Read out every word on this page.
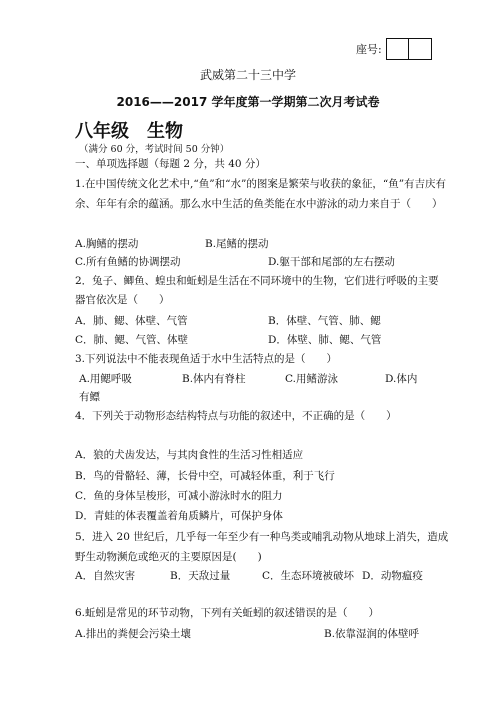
座号:
武威第二十三中学
2016——2017 学年度第一学期第二次月考试卷
八年级　生物
（满分 60 分，考试时间 50 分钟）
一、单项选择题（每题 2 分，共 40 分）
1.在中国传统文化艺术中,“鱼”和“水”的图案是繁荣与收获的象征，“鱼”有吉庆有
余、年年有余的蕴涵。那么水中生活的鱼类能在水中游泳的动力来自于（　　）
A.胸鳍的摆动	B.尾鳍的摆动
C.所有鱼鳍的协调摆动	D.躯干部和尾部的左右摆动
2．兔子、鲫鱼、蝗虫和蚯蚓是生活在不同环境中的生物，它们进行呼吸的主要
器官依次是（　　）
A．肺、鳃、体壁、气管	B．体壁、气管、肺、鳃
C．肺、鳃、气管、体壁	D．体壁、肺、鳃、气管
3.下列说法中不能表现鱼适于水中生活特点的是（　　）
A.用鳃呼吸	B.体内有脊柱	C.用鳍游泳	D.体内
有鳔
4．下列关于动物形态结构特点与功能的叙述中，不正确的是（　　）
A．狼的犬齿发达，与其肉食性的生活习性相适应
B．鸟的骨骼轻、薄，长骨中空，可减轻体重，利于飞行
C．鱼的身体呈梭形，可减小游泳时水的阻力
D．青蛙的体表覆盖着角质鳞片，可保护身体
5．进入 20 世纪后，几乎每一年至少有一种鸟类或哺乳动物从地球上消失，造成
野生动物濒危或绝灭的主要原因是(　　)
A．自然灾害	B．天敌过量	C．生态环境被破坏 D．动物瘟疫
6.蚯蚓是常见的环节动物，下列有关蚯蚓的叙述错误的是（　　）
A.排出的粪便会污染土壤	B.依靠湿润的体壁呼
